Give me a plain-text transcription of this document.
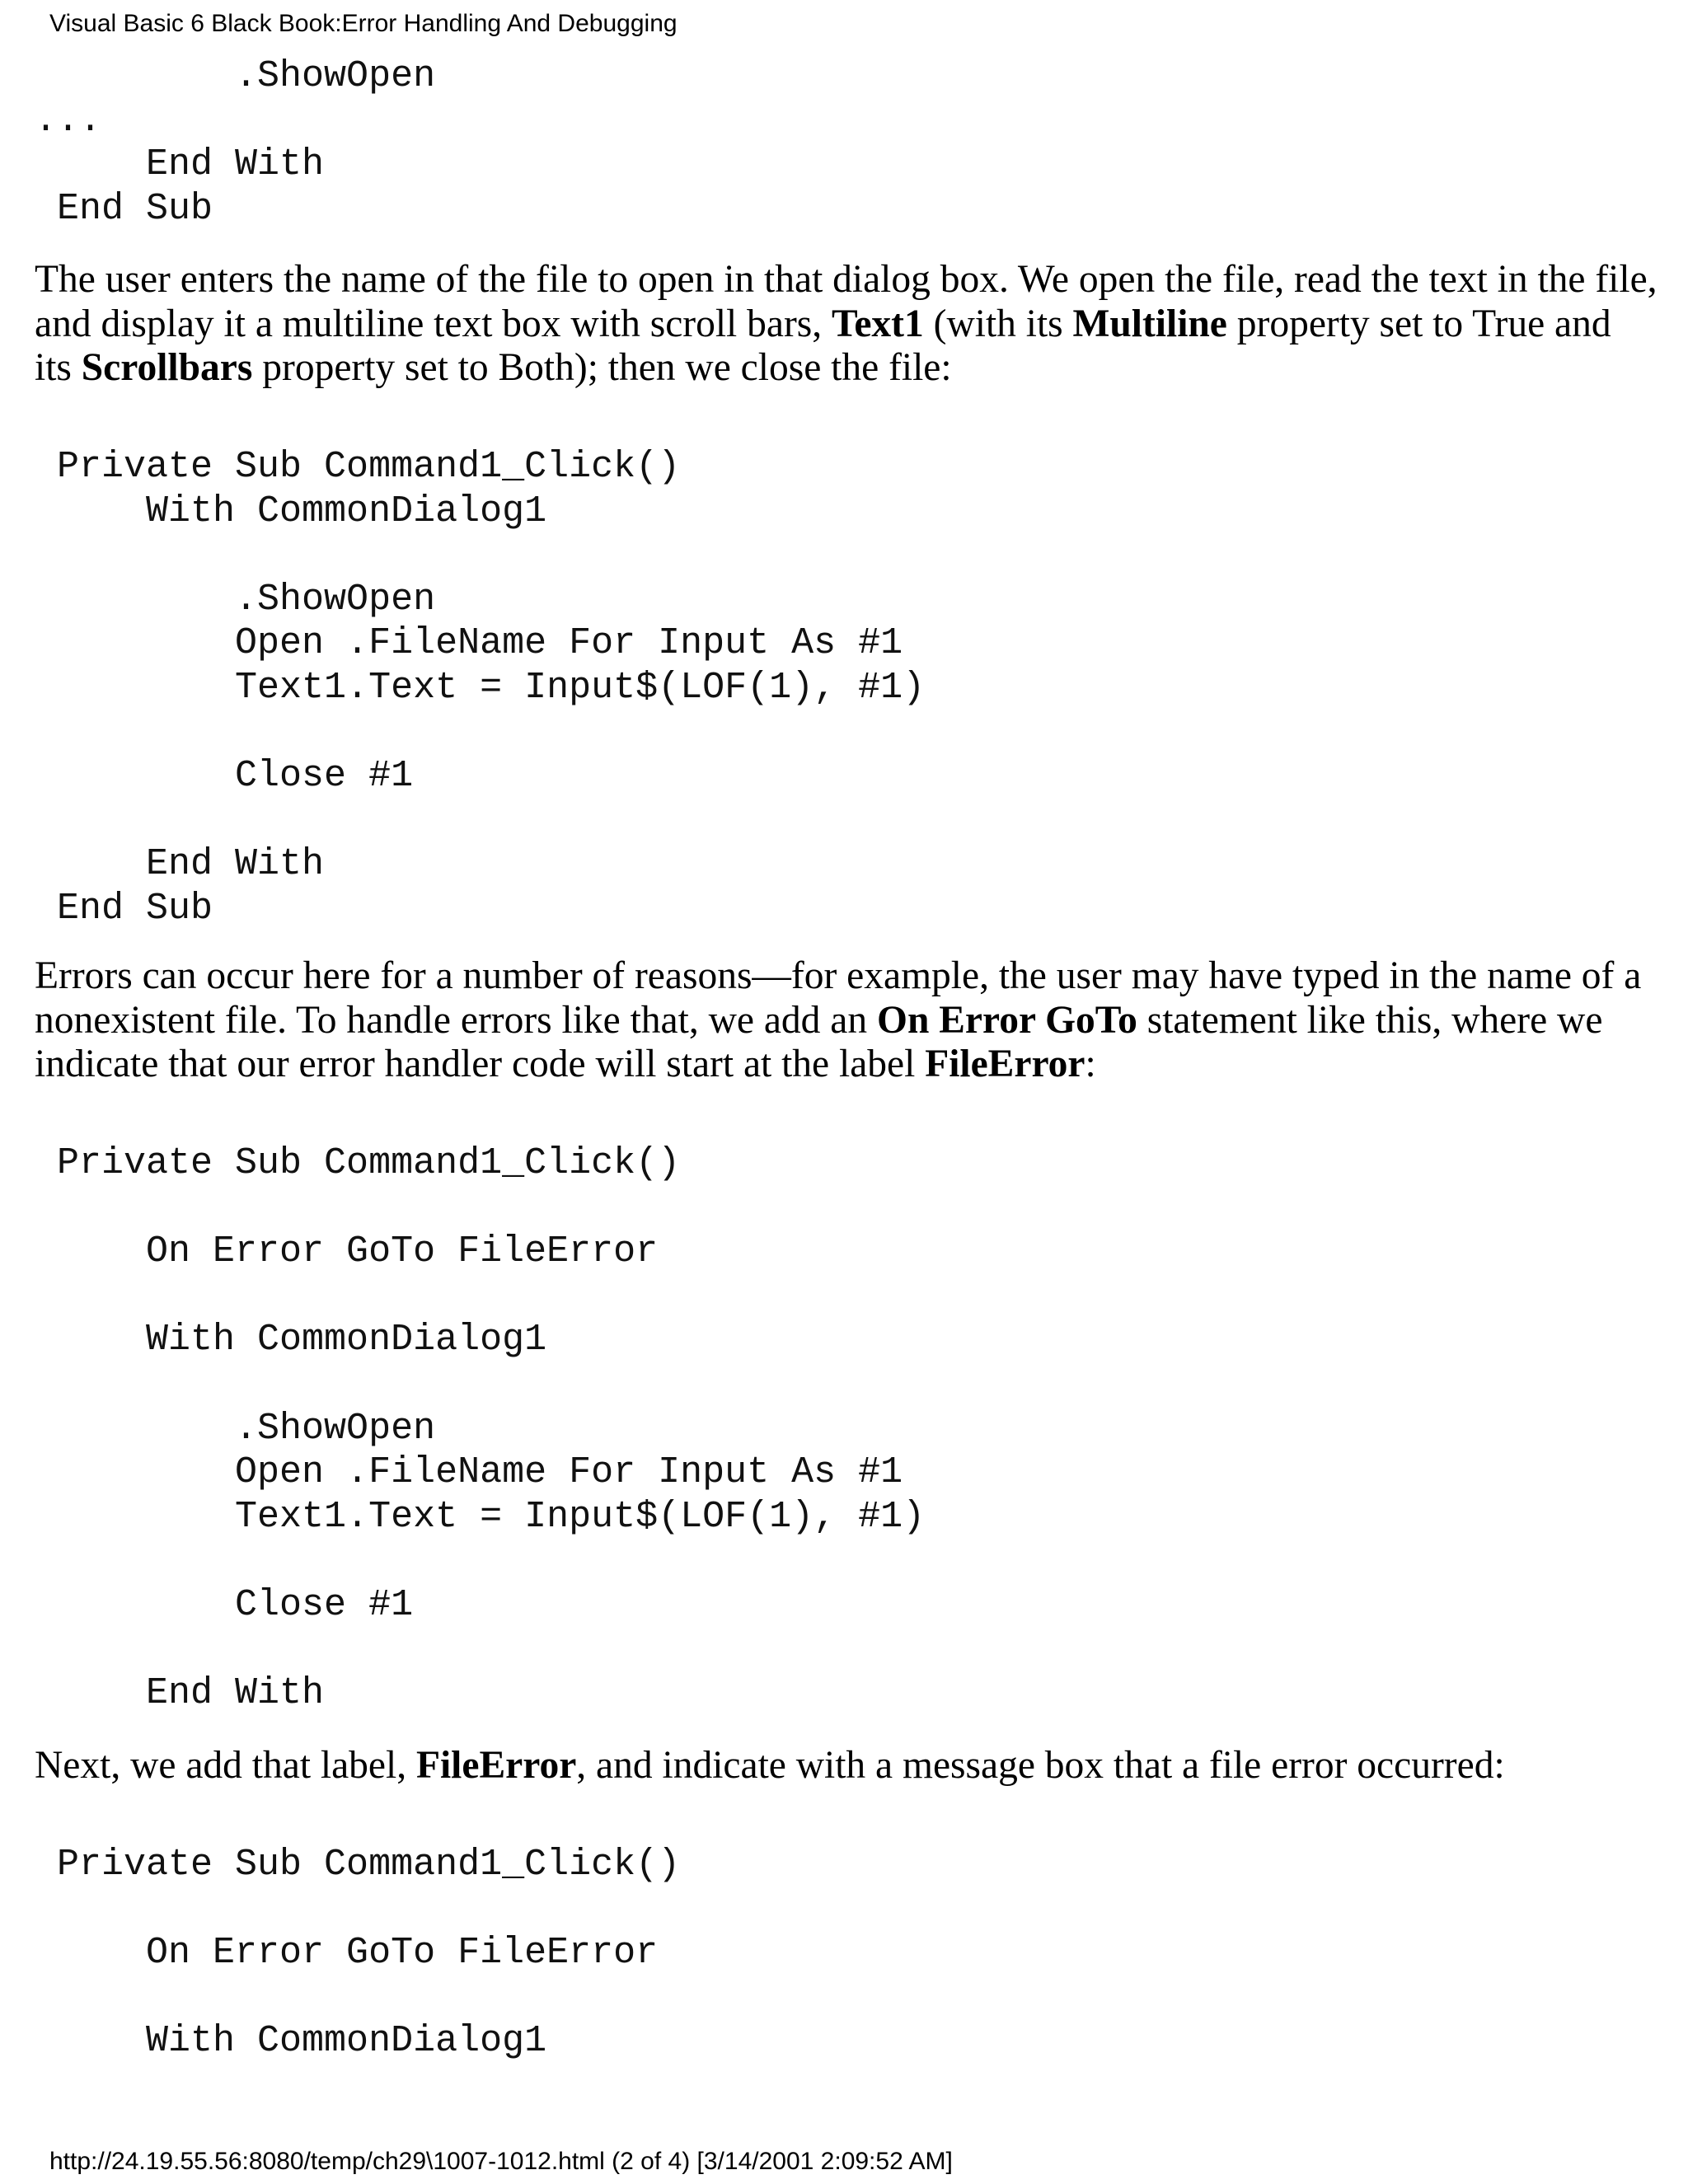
Visual Basic 6 Black Book:Error Handling And Debugging
.ShowOpen
...
End With
End Sub
The user enters the name of the file to open in that dialog box. We open the file, read the text in the file,
and display it a multiline text box with scroll bars, Text1 (with its Multiline property set to True and
its Scrollbars property set to Both); then we close the file:
Private Sub Command1_Click()
With CommonDialog1

.ShowOpen
Open .FileName For Input As #1
Text1.Text = Input$(LOF(1), #1)

Close #1

End With
End Sub
Errors can occur here for a number of reasons—for example, the user may have typed in the name of a
nonexistent file. To handle errors like that, we add an On Error GoTo statement like this, where we
indicate that our error handler code will start at the label FileError:
Private Sub Command1_Click()

On Error GoTo FileError

With CommonDialog1

.ShowOpen
Open .FileName For Input As #1
Text1.Text = Input$(LOF(1), #1)

Close #1

End With
Next, we add that label, FileError, and indicate with a message box that a file error occurred:
Private Sub Command1_Click()

On Error GoTo FileError

With CommonDialog1
http://24.19.55.56:8080/temp/ch29\1007-1012.html (2 of 4) [3/14/2001 2:09:52 AM]
